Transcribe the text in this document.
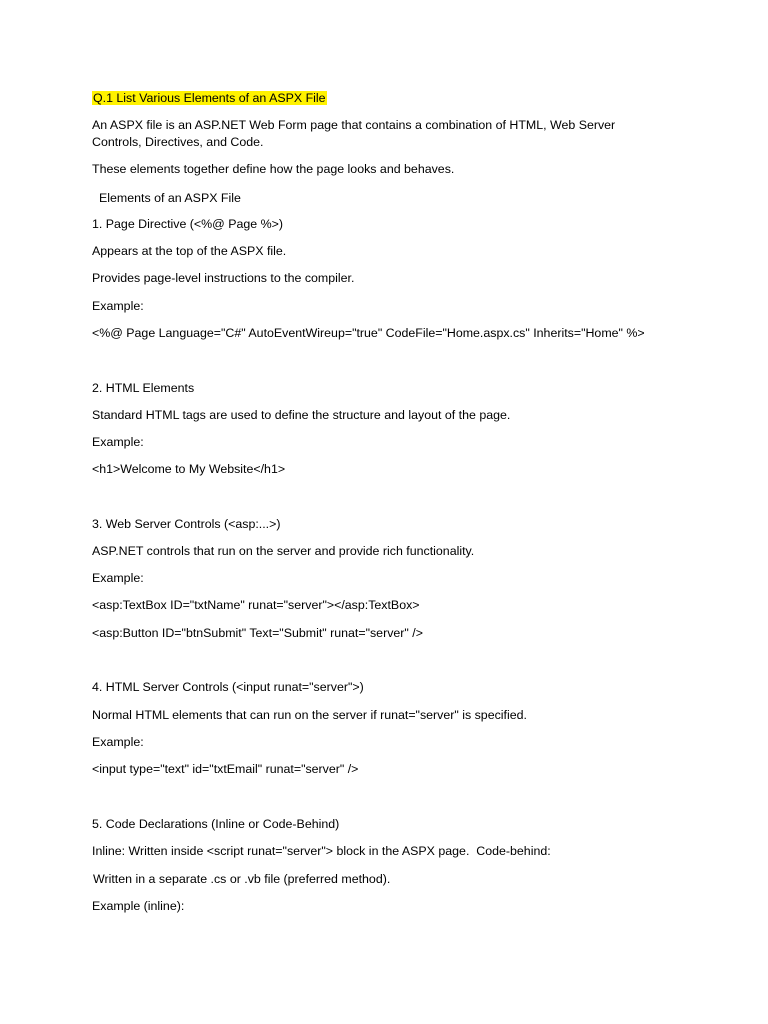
Q.1 List Various Elements of an ASPX File

An ASPX file is an ASP.NET Web Form page that contains a combination of HTML, Web Server Controls, Directives, and Code.

These elements together define how the page looks and behaves.

Elements of an ASPX File

1. Page Directive (<%@ Page %>)

Appears at the top of the ASPX file.

Provides page-level instructions to the compiler.

Example:

<%@ Page Language="C#" AutoEventWireup="true" CodeFile="Home.aspx.cs" Inherits="Home" %>

2. HTML Elements

Standard HTML tags are used to define the structure and layout of the page.

Example:

<h1>Welcome to My Website</h1>

3. Web Server Controls (<asp:...>)

ASP.NET controls that run on the server and provide rich functionality.

Example:

<asp:TextBox ID="txtName" runat="server"></asp:TextBox>

<asp:Button ID="btnSubmit" Text="Submit" runat="server" />

4. HTML Server Controls (<input runat="server">)

Normal HTML elements that can run on the server if runat="server" is specified.

Example:

<input type="text" id="txtEmail" runat="server" />

5. Code Declarations (Inline or Code-Behind)

Inline: Written inside <script runat="server"> block in the ASPX page.  Code-behind:

Written in a separate .cs or .vb file (preferred method).

Example (inline):
